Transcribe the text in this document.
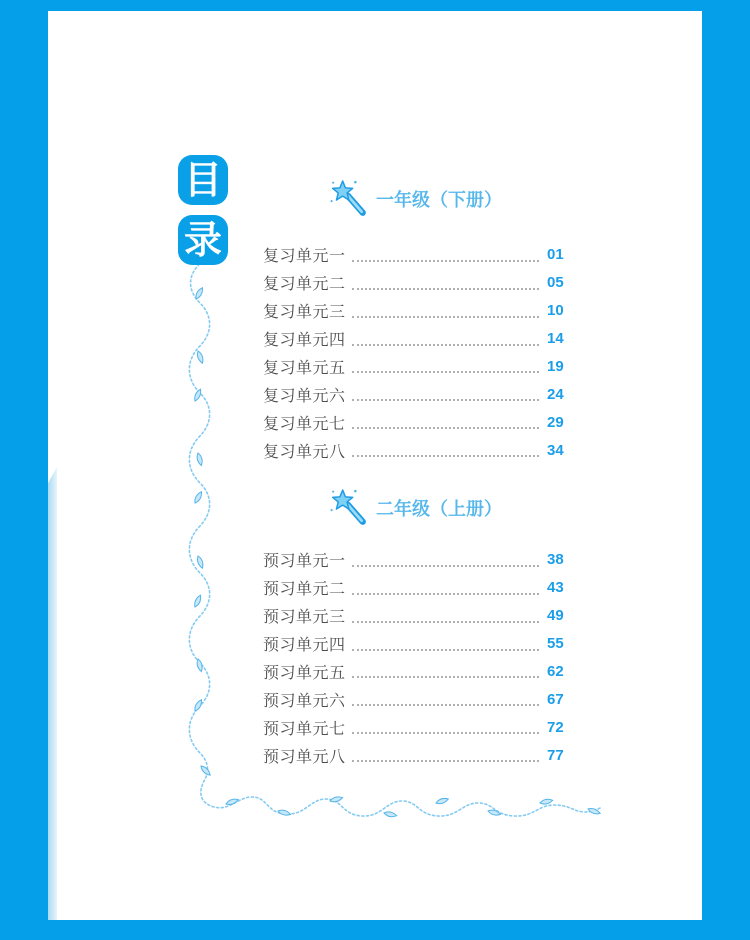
目
录
一年级（下册）
复习单元一	01
复习单元二	05
复习单元三	10
复习单元四	14
复习单元五	19
复习单元六	24
复习单元七	29
复习单元八	34
二年级（上册）
预习单元一	38
预习单元二	43
预习单元三	49
预习单元四	55
预习单元五	62
预习单元六	67
预习单元七	72
预习单元八	77
